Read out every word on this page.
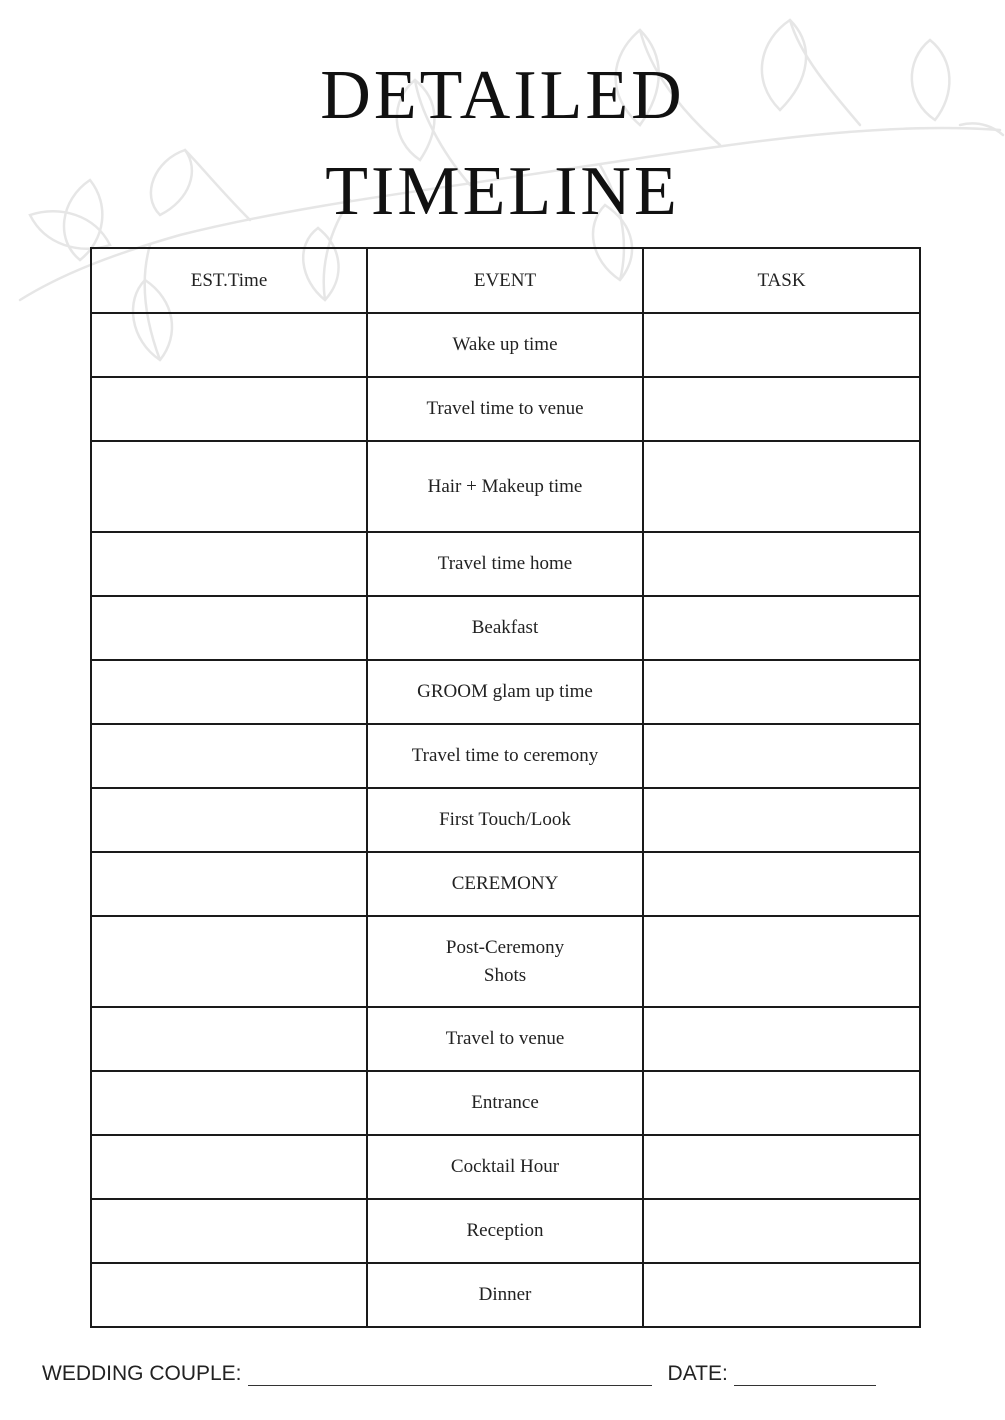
DETAILED
TIMELINE
EST.Time	EVENT	TASK
	Wake up time	
	Travel time to venue	
	Hair + Makeup time	
	Travel time home	
	Beakfast	
	GROOM glam up time	
	Travel time to ceremony	
	First Touch/Look	
	CEREMONY	
	Post-Ceremony
Shots	
	Travel to venue	
	Entrance	
	Cocktail Hour	
	Reception	
	Dinner	
WEDDING COUPLE:	DATE:
